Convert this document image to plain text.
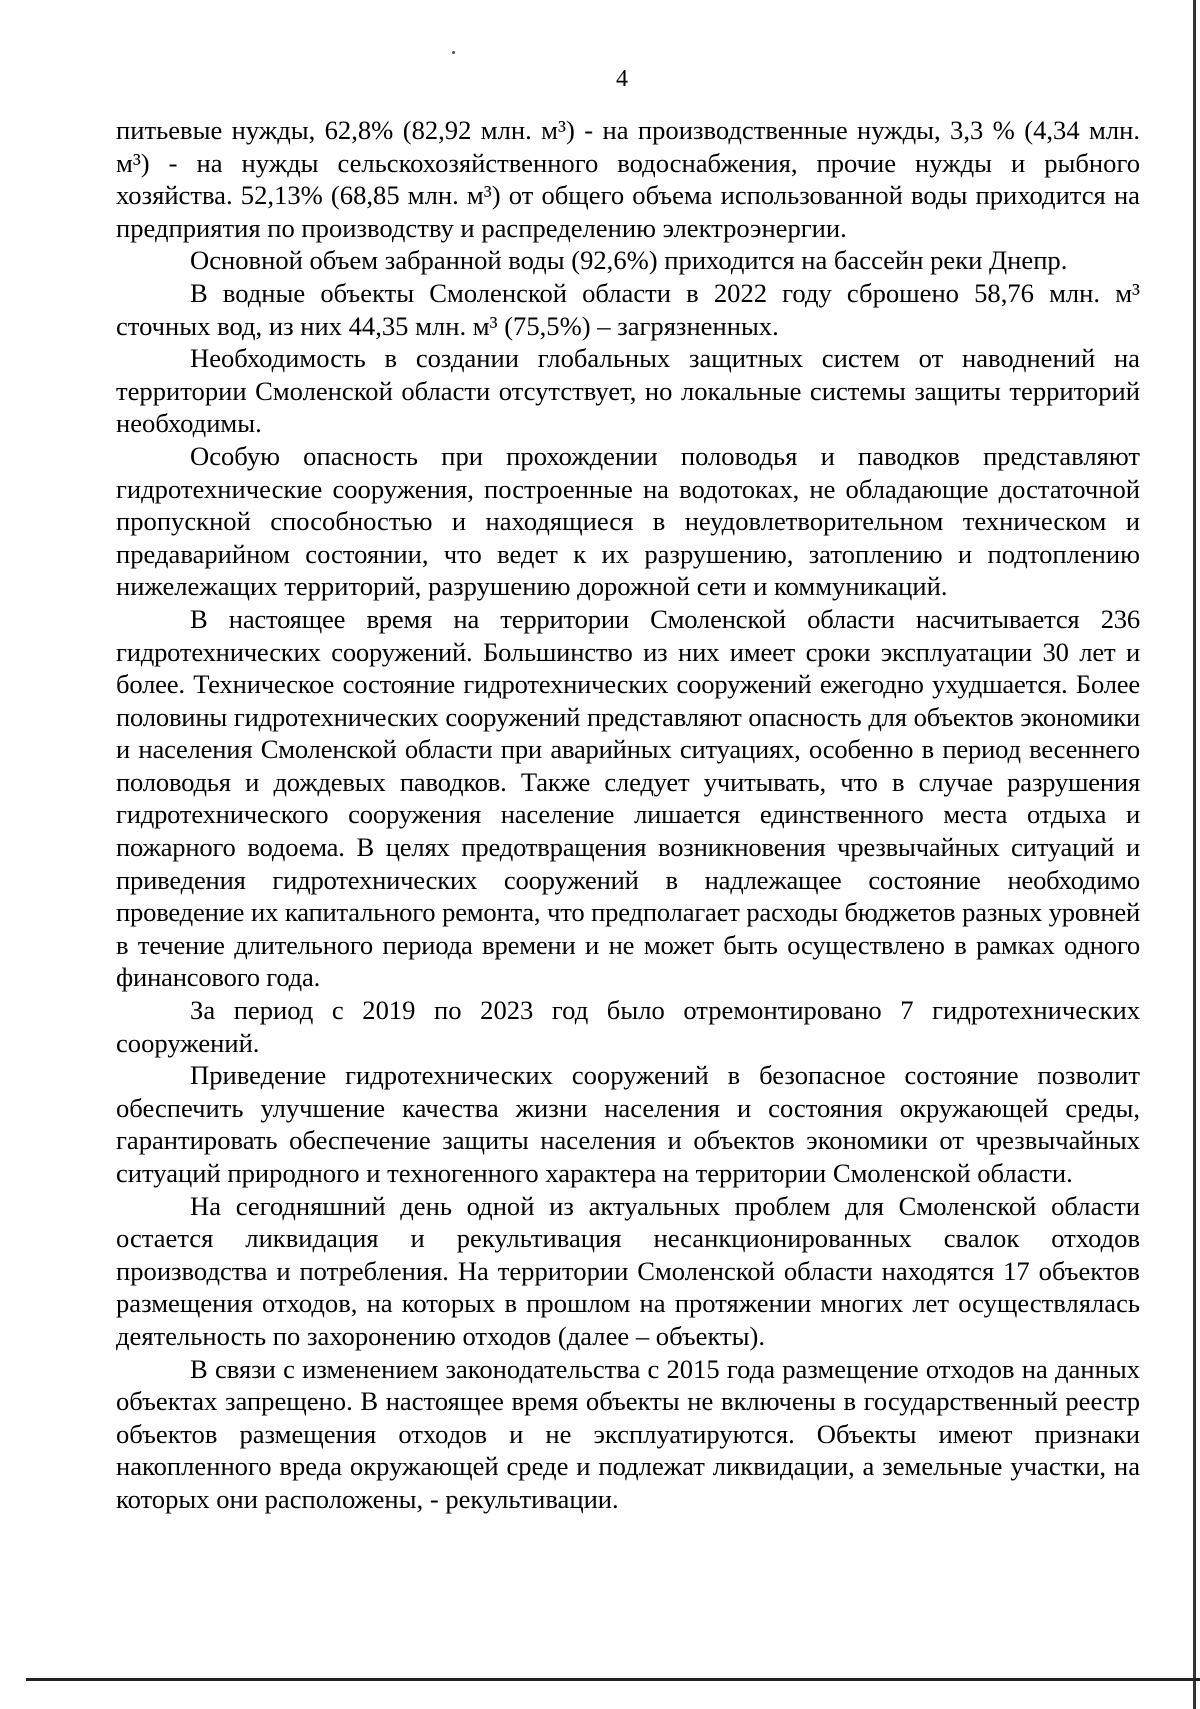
4

питьевые нужды, 62,8% (82,92 млн. м³) - на производственные нужды, 3,3 % (4,34 млн. м³) - на нужды сельскохозяйственного водоснабжения, прочие нужды и рыбного хозяйства. 52,13% (68,85 млн. м³) от общего объема использованной воды приходится на предприятия по производству и распределению электроэнергии.

Основной объем забранной воды (92,6%) приходится на бассейн реки Днепр.

В водные объекты Смоленской области в 2022 году сброшено 58,76 млн. м³ сточных вод, из них 44,35 млн. м³ (75,5%) – загрязненных.

Необходимость в создании глобальных защитных систем от наводнений на территории Смоленской области отсутствует, но локальные системы защиты территорий необходимы.

Особую опасность при прохождении половодья и паводков представляют гидротехнические сооружения, построенные на водотоках, не обладающие достаточной пропускной способностью и находящиеся в неудовлетворительном техническом и предаварийном состоянии, что ведет к их разрушению, затоплению и подтоплению нижележащих территорий, разрушению дорожной сети и коммуникаций.

В настоящее время на территории Смоленской области насчитывается 236 гидротехнических сооружений. Большинство из них имеет сроки эксплуатации 30 лет и более. Техническое состояние гидротехнических сооружений ежегодно ухудшается. Более половины гидротехнических сооружений представляют опасность для объектов экономики и населения Смоленской области при аварийных ситуациях, особенно в период весеннего половодья и дождевых паводков. Также следует учитывать, что в случае разрушения гидротехнического сооружения население лишается единственного места отдыха и пожарного водоема. В целях предотвращения возникновения чрезвычайных ситуаций и приведения гидротехнических сооружений в надлежащее состояние необходимо проведение их капитального ремонта, что предполагает расходы бюджетов разных уровней в течение длительного периода времени и не может быть осуществлено в рамках одного финансового года.

За период с 2019 по 2023 год было отремонтировано 7 гидротехнических сооружений.

Приведение гидротехнических сооружений в безопасное состояние позволит обеспечить улучшение качества жизни населения и состояния окружающей среды, гарантировать обеспечение защиты населения и объектов экономики от чрезвычайных ситуаций природного и техногенного характера на территории Смоленской области.

На сегодняшний день одной из актуальных проблем для Смоленской области остается ликвидация и рекультивация несанкционированных свалок отходов производства и потребления. На территории Смоленской области находятся 17 объектов размещения отходов, на которых в прошлом на протяжении многих лет осуществлялась деятельность по захоронению отходов (далее – объекты).

В связи с изменением законодательства с 2015 года размещение отходов на данных объектах запрещено. В настоящее время объекты не включены в государственный реестр объектов размещения отходов и не эксплуатируются. Объекты имеют признаки накопленного вреда окружающей среде и подлежат ликвидации, а земельные участки, на которых они расположены, - рекультивации.
